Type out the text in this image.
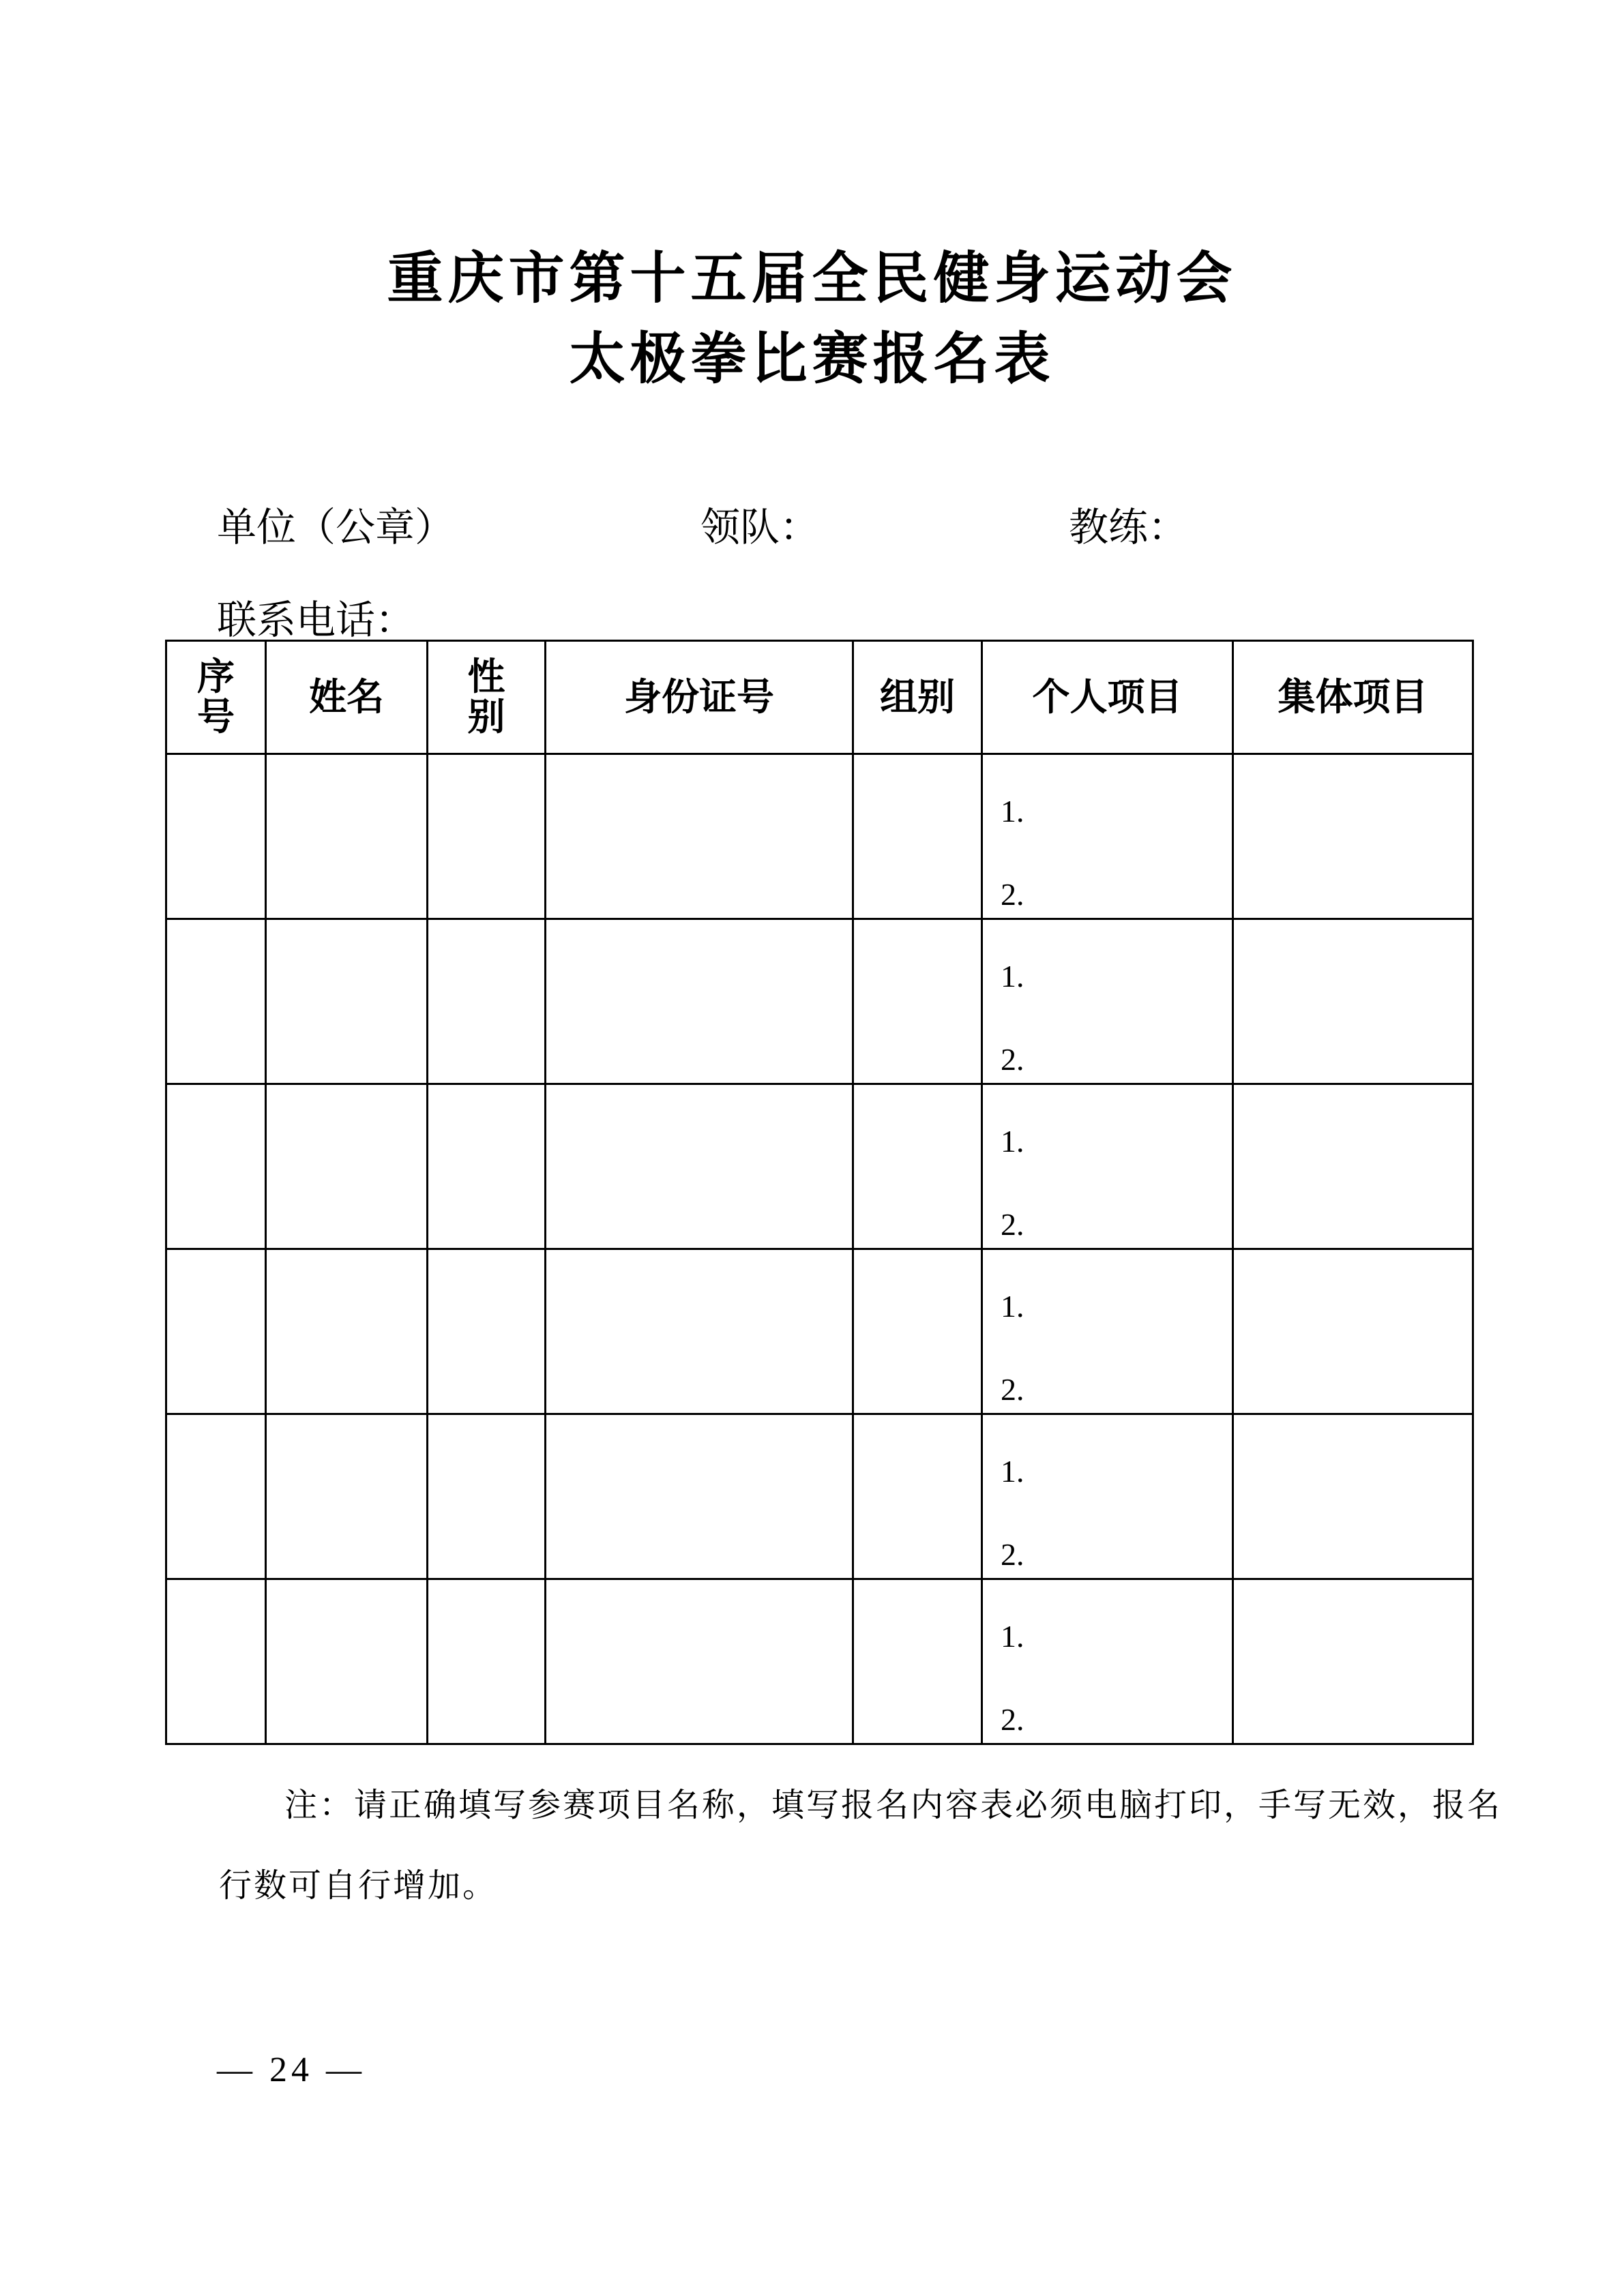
重庆市第十五届全民健身运动会
太极拳比赛报名表
单位（公章）	领队：	教练：
联系电话：
序号	姓名	性别	身份证号	组别	个人项目	集体项目

					1.
2.	

					1.
2.	

					1.
2.	

					1.
2.	

					1.
2.	

					1.
2.	

注：请正确填写参赛项目名称，填写报名内容表必须电脑打印，手写无效，报名
行数可自行增加。
— 24 —
